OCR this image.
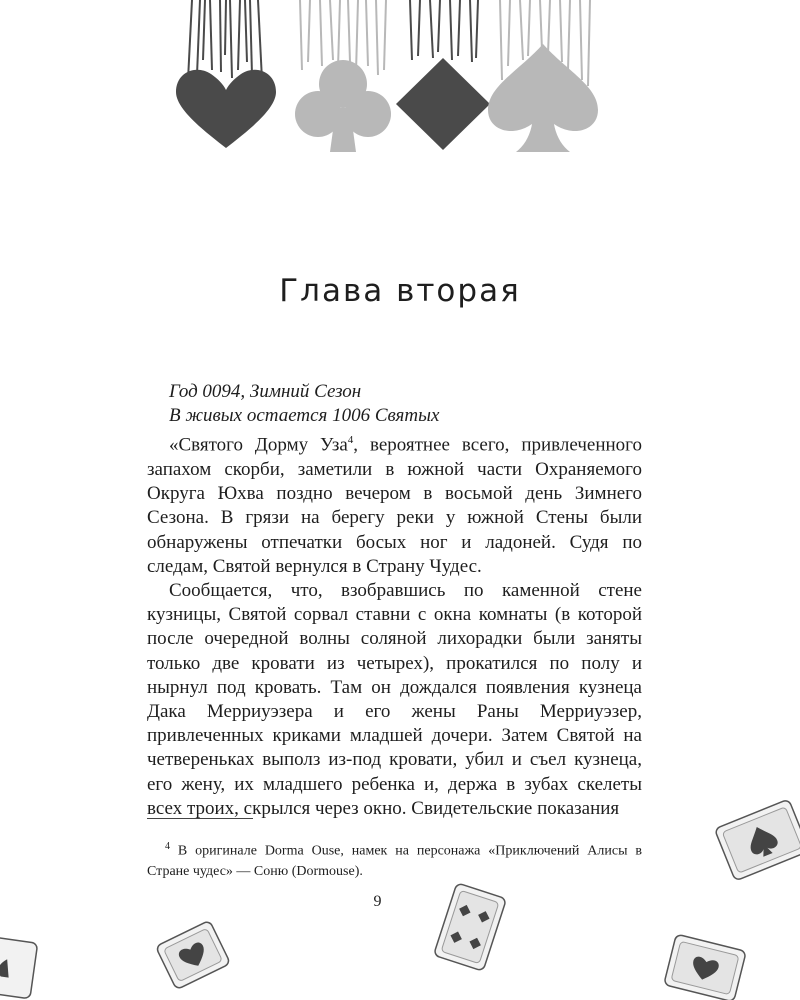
Глава вторая

Год 0094, Зимний Сезон

В живых остается 1006 Святых

«Святого Дорму Уза$^4$, вероятнее всего, привлеченного запахом скорби, заметили в южной части Охраняемого Округа Юхва поздно вечером в восьмой день Зимнего Сезона. В грязи на берегу реки у южной Стены были обнаружены отпечатки босых ног и ладоней. Судя по следам, Святой вернулся в Страну Чудес.

Сообщается, что, взобравшись по каменной стене кузницы, Святой сорвал ставни с окна комнаты (в которой после очередной волны соляной лихорадки были заняты только две кровати из четырех), прокатился по полу и нырнул под кровать. Там он дождался появления кузнеца Дака Мерриуэзера и его жены Раны Мерриуэзер, привлеченных криками младшей дочери. Затем Святой на четвереньках выполз из-под кровати, убил и съел кузнеца, его жену, их младшего ребенка и, держа в зубах скелеты всех троих, скрылся через окно. Свидетельские показания

$^4$ В оригинале Dorma Ouse, намек на персонажа «Приключений Алисы в Стране чудес» — Соню (Dormouse).

9
